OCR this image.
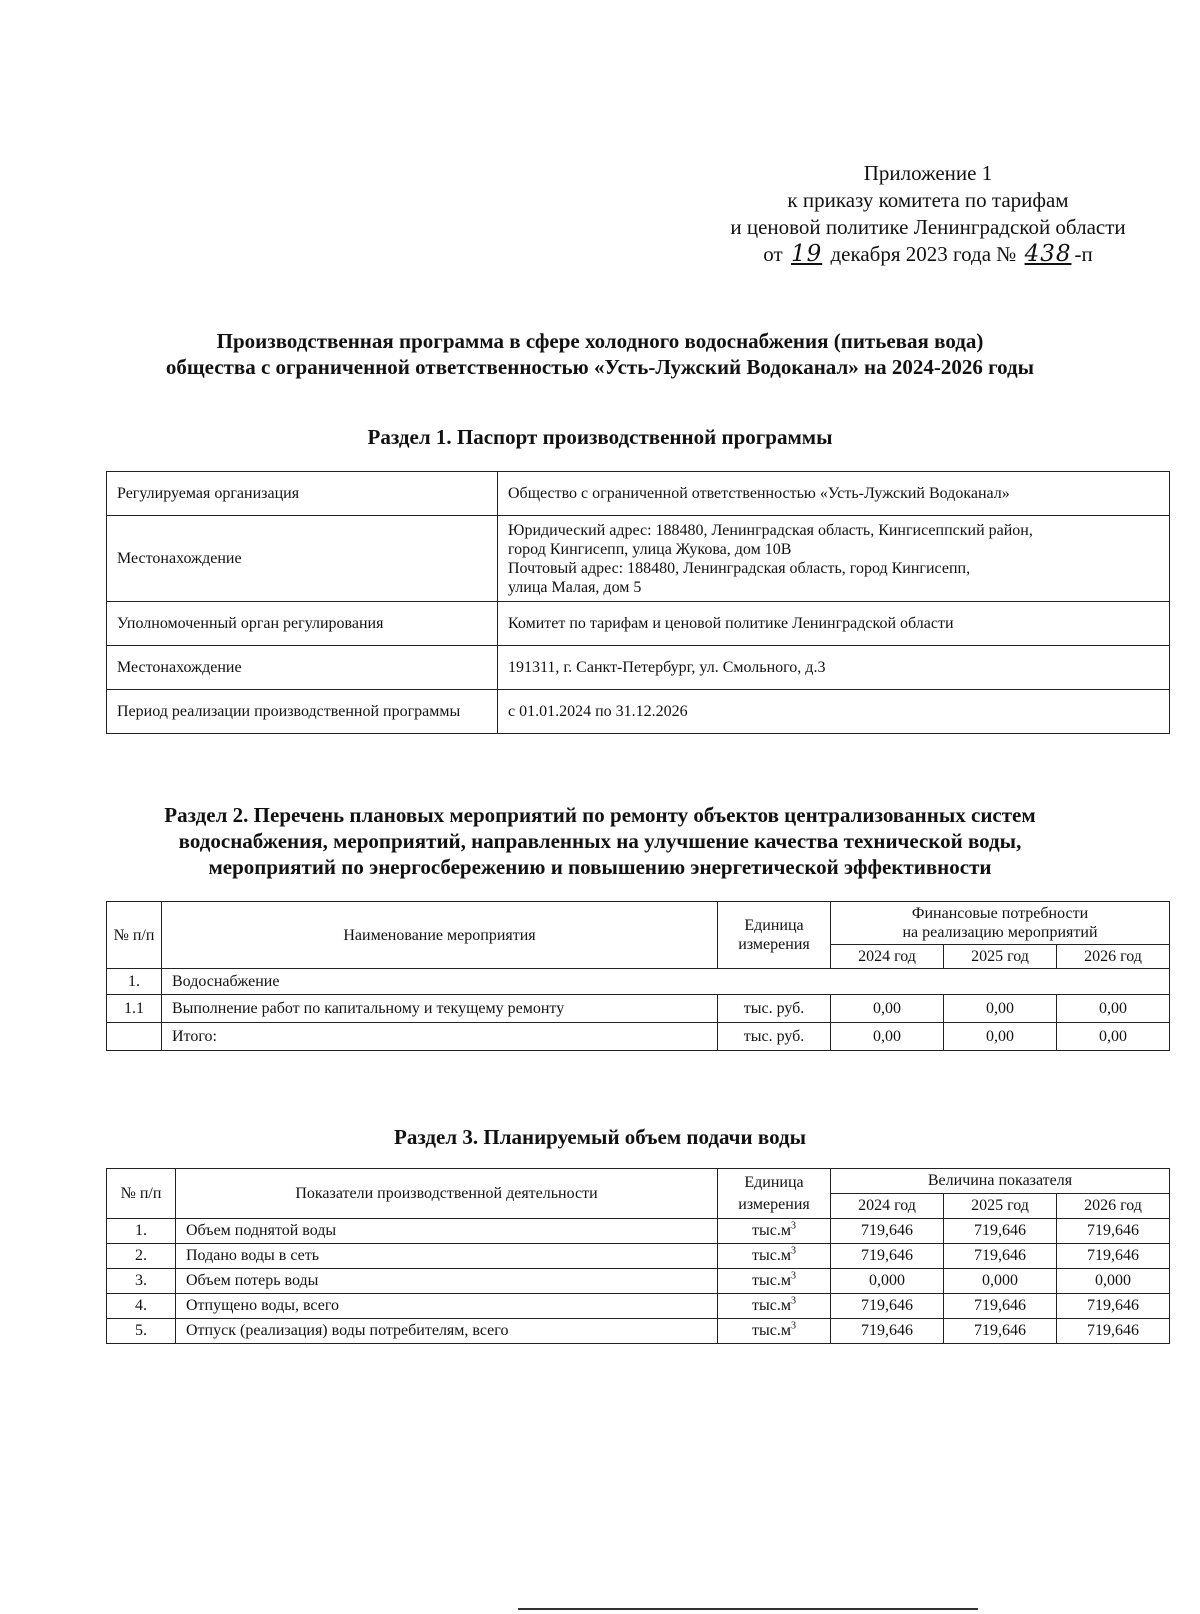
Приложение 1
к приказу комитета по тарифам
и ценовой политике Ленинградской области
от 19 декабря 2023 года № 438 -п
Производственная программа в сфере холодного водоснабжения (питьевая вода)
общества с ограниченной ответственностью «Усть-Лужский Водоканал» на 2024-2026 годы
Раздел 1. Паспорт производственной программы
Регулируемая организация	Общество с ограниченной ответственностью «Усть-Лужский Водоканал»
Местонахождение	Юридический адрес: 188480, Ленинградская область, Кингисеппский район,
город Кингисепп, улица Жукова, дом 10В
Почтовый адрес: 188480, Ленинградская область, город Кингисепп,
улица Малая, дом 5

Уполномоченный орган регулирования	Комитет по тарифам и ценовой политике Ленинградской области
Местонахождение	191311, г. Санкт-Петербург, ул. Смольного, д.3
Период реализации производственной программы	с 01.01.2024 по 31.12.2026
Раздел 2. Перечень плановых мероприятий по ремонту объектов централизованных систем
водоснабжения, мероприятий, направленных на улучшение качества технической воды,
мероприятий по энергосбережению и повышению энергетической эффективности
№ п/п	Наименование мероприятия	Единица измерения	Финансовые потребности
на реализацию мероприятий		

			2024 год	2025 год	2026 год
1.	Водоснабжение				
1.1	Выполнение работ по капитальному и текущему ремонту	тыс. руб.	0,00	0,00	0,00
	Итого:	тыс. руб.	0,00	0,00	0,00
Раздел 3. Планируемый объем подачи воды
№ п/п	Показатели производственной деятельности	Единица измерения	Величина показателя		
			2024 год	2025 год	2026 год
1.	Объем поднятой воды	$тыс.м^3$	719,646	719,646	719,646
2.	Подано воды в сеть	$тыс.м^3$	719,646	719,646	719,646
3.	Объем потерь воды	$тыс.м^3$	0,000	0,000	0,000
4.	Отпущено воды, всего	$тыс.м^3$	719,646	719,646	719,646
5.	Отпуск (реализация) воды потребителям, всего	$тыс.м^3$	719,646	719,646	719,646
